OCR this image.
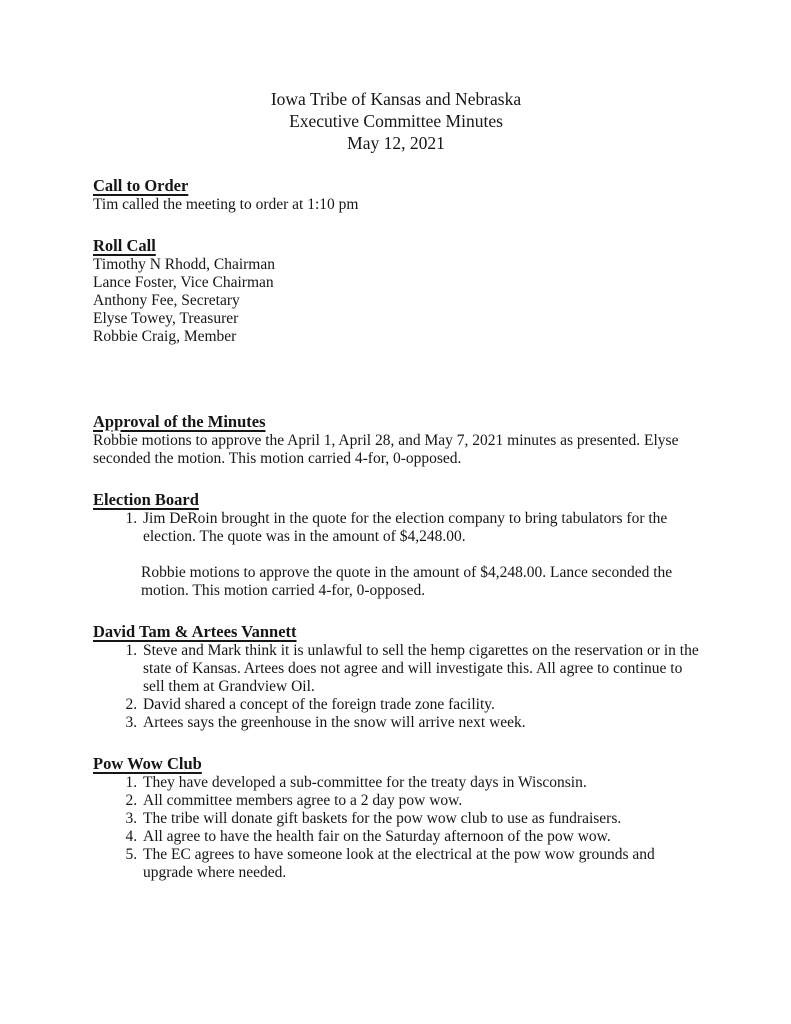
Iowa Tribe of Kansas and Nebraska

Executive Committee Minutes

May 12, 2021

Call to Order

Tim called the meeting to order at 1:10 pm

Roll Call

Timothy N Rhodd, Chairman

Lance Foster, Vice Chairman

Anthony Fee, Secretary

Elyse Towey, Treasurer

Robbie Craig, Member

Approval of the Minutes

Robbie motions to approve the April 1, April 28, and May 7, 2021 minutes as presented. Elyse seconded the motion. This motion carried 4-for, 0-opposed.

Election Board
1. Jim DeRoin brought in the quote for the election company to bring tabulators for the election. The quote was in the amount of $4,248.00.

Robbie motions to approve the quote in the amount of $4,248.00. Lance seconded the motion. This motion carried 4-for, 0-opposed.

David Tam & Artees Vannett
1. Steve and Mark think it is unlawful to sell the hemp cigarettes on the reservation or in the state of Kansas. Artees does not agree and will investigate this. All agree to continue to sell them at Grandview Oil.
2. David shared a concept of the foreign trade zone facility.
3. Artees says the greenhouse in the snow will arrive next week.
Pow Wow Club
1. They have developed a sub-committee for the treaty days in Wisconsin.
2. All committee members agree to a 2 day pow wow.
3. The tribe will donate gift baskets for the pow wow club to use as fundraisers.
4. All agree to have the health fair on the Saturday afternoon of the pow wow.
5. The EC agrees to have someone look at the electrical at the pow wow grounds and upgrade where needed.
